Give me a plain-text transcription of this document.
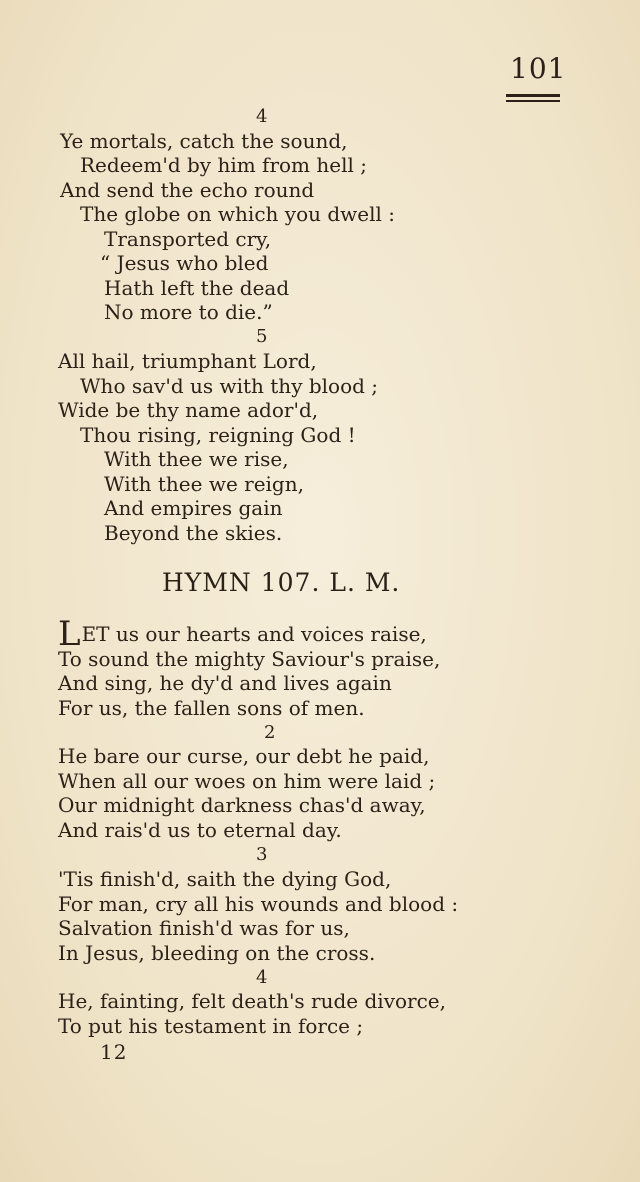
101
4
Ye mortals, catch the sound,
Redeem'd by him from hell ;
And send the echo round
The globe on which you dwell :
Transported cry,
“ Jesus who bled
Hath left the dead
No more to die.”
5
All hail, triumphant Lord,
Who sav'd us with thy blood ;
Wide be thy name ador'd,
Thou rising, reigning God !
With thee we rise,
With thee we reign,
And empires gain
Beyond the skies.
HYMN 107. L. M.
LET us our hearts and voices raise,
To sound the mighty Saviour's praise,
And sing, he dy'd and lives again
For us, the fallen sons of men.
2
He bare our curse, our debt he paid,
When all our woes on him were laid ;
Our midnight darkness chas'd away,
And rais'd us to eternal day.
3
'Tis finish'd, saith the dying God,
For man, cry all his wounds and blood :
Salvation finish'd was for us,
In Jesus, bleeding on the cross.
4
He, fainting, felt death's rude divorce,
To put his testament in force ;
12
